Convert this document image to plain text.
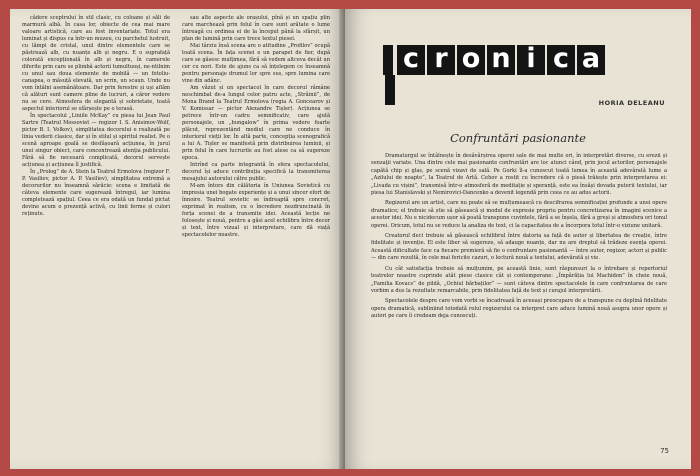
cădere sceptrului în stil clasic, cu coloane și săli de marmură albă. În casa lor, obiecte de cea mai mare valoare artistică, care au fost inventariate. Totul era luminat și dispus ca într-un muzeu, cu parchetul lustruit, cu lămpi de cristal, unul dintre elementele care se păstrează alb, cu nuanțe alb și negru. E o suprafață colorată excepțională în alb și negru, în camerele diferite prin care se plimbă actorii tumultuoși, ne-ntilnim cu unul sau doua elemente de mobilă — un fotoliu-canapea, o măsuță elevată, un scrin, un scaun. Unde nu vom întâlni asemănătoare. Dar prin ferestre și uși aflăm că alături sunt camere pline de lucruri, a căror vedere nu se cere. Atmosfera de elegantă și sobrietate, toată aspectul interiorul se sfârșește pe o terasă.

În spectacolul „Liniile McKay” cu piesa lui Jean Paul Sartre (Teatrul Mossoviet — regizor I. S. Anisimov-Wolf, pictor B. I. Volkov), simplitatea decorului e realizată pe linia vederii clasice, dar și în stilul și spiritul realist. Pe o scenă aproape goală se desfășoară acțiunea, în jurul unui singur obiect, care concentrează atenția publicului. Fără să fie necesară complicată, decorul servește acțiunea și acțiunea îl justifică.

În „Prolog” de A. Stein la Teatrul Ermolova (regizor F. P. Vasiliev, pictor A. P. Vasiliev), simplitatea extremă a decorurilor nu înseamnă sărăcie: scena e limitată de câteva elemente care sugerează întregul, iar lumina completează spațiul. Ceea ce era odată un fundal pictat devine acum o prezență activă, cu linii ferme și culori reținute.

sau alte aspecte ale orașului, pînă și un spațiu plin care marchează prin felul în care sunt arătate o lume întreagă cu ordinea ei de la început până la sfârșit, un plan de lumină prin care trece textul piesei.

Mai târziu însă scena are o atitudine „Profilov” ocupă toată scena. În fața scenei e un parapet de fier, după care se găsesc mulțimea, fără să vedem altceva decât un cer cu nori. Este de ajuns ca să înțelegem ce înseamnă pentru personaje drumul lor spre sus, spre lumina care vine din adânc.

Am văzut și un spectacol în care decorul rămâne neschimbat de-a lungul celor patru acte, „Străinii”, de Mona Brand la Teatrul Ermolova (regia A. Goncearov și V. Komissar — pictor Alexandre Tișler). Acțiunea se petrece într-un cadru semnificativ, care ajută personajele, un „bungalow” în prima vedere foarte plăcut, reprezentând mediul care ne conduce în interiorul vieții lor. În altă parte, concepția scenografică a lui A. Tișler se manifestă prin distribuirea luminii, și prin felul în care lucrurile au fost alese ca să sugereze epoca.

Intrînd ca parte integrantă în sfera spectacolului, decorul își aduce contribuția specifică la transmiterea mesajului autorului către public.

M-am întors din călătoria în Uniunea Sovietică cu impresia unei bogate experiențe și a unui sincer efort de înnoire. Teatrul sovietic se îndreaptă spre concret, exprimat în realism, cu o încredere nezdruncinată în forța scenei de a transmite idei. Această lecție ne folosește și nouă, pentru a găsi acel echilibru între decor și text, între vizual și interpretare, care dă viață spectacolelor noastre.

c r o n i c a
HORIA DELEANU
Confruntări pasionante

Dramaturgul se întâlnește în desăvârșirea operei sale de mai multe ori, în interpretări diverse, cu erezii și senzaţii variate. Una dintre cele mai pasionante confruntări are loc atunci când, prin jocul actorilor, personajele capătă chip și glas, pe scenă vizavi de sală. Pe Gorki îl-a cunoscut toată lumea în această adevărată lume a „Azilului de noapte”, la Teatrul de Artă. Cehov a rostit cu încredere că o piesă trăiește prin interpretarea ei: „Livada cu vișini”, transmisă într-o atmosferă de meditație și speranță, este ea însăși dovada puterii textului, iar piesa lui Stanislavski și Nemirovici-Dancenko a devenit legendă prin ceea ce au adus actorii.

Regizorul are un artist, care nu poate să se mulțumească cu descifrarea semnificației profunde a unei opere dramatice; el trebuie să știe să găsească și modul de expresie propriu pentru concretizarea în imagini scenice a acestor idei. Nu e nicidecum ușor să poată transpune cuvintele, fără a se înșela, fără a greși și atmosfera ori tonul operei. Oricum, totul nu se reduce la analiza de text, ci la capacitatea de a încorpora totul într-o viziune unitară.

Creatorul deci trebuie să găsească echilibrul între datoria sa față de autor și libertatea de creație, între fidelitate și invenție. El este liber să sugereze, să adauge nuanțe, dar nu are dreptul să trădeze esența operei. Această dificultate face ca fiecare premieră să fie o confruntare pasionantă — între autor, regizor, actori și public — din care rezultă, în cele mai fericite cazuri, o lectură nouă a textului, adevărată și vie.

Cu cât satisfacția trebuie să mulțumim, pe această linie, sunt răspunsuri la o întrebare și repertoriul teatrelor noastre cuprinde atât piese clasice cât și contemporane: „Împărăția lui Machidon” în cheie nouă, „Familia Kovacs” de pildă, „Ochiul bărbaților” — sunt câteva dintre spectacolele în care confruntarea de care vorbim a dus la rezultate remarcabile, prin fidelitatea față de text și curajul interpretării.

Spectacolele despre care vom vorbi se încadrează în aceeași preocupare de a transpune cu deplină fidelitate opera dramatică, subliniind totodată rolul regizorului ca interpret care aduce lumină nouă asupra unor opere și autori pe care îi credeam deja cunoscuți.

75
